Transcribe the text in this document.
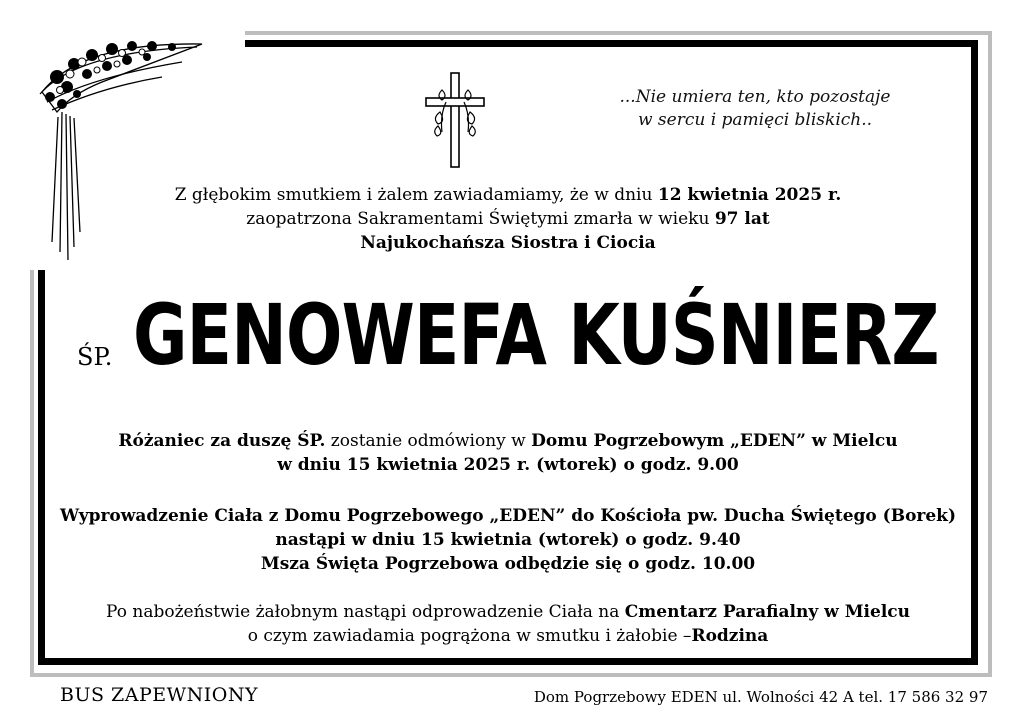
...Nie umiera ten, kto pozostaje
w sercu i pamięci bliskich..
Z głębokim smutkiem i żalem zawiadamiamy, że w dniu 12 kwietnia 2025 r.
zaopatrzona Sakramentami Świętymi zmarła w wieku 97 lat
Najukochańsza Siostra i Ciocia
ŚP. GENOWEFA KUŚNIERZ
Różaniec za duszę ŚP. zostanie odmówiony w Domu Pogrzebowym „EDEN” w Mielcu
w dniu 15 kwietnia 2025 r. (wtorek) o godz. 9.00
Wyprowadzenie Ciała z Domu Pogrzebowego „EDEN” do Kościoła pw. Ducha Świętego (Borek)
nastąpi w dniu 15 kwietnia (wtorek) o godz. 9.40
Msza Święta Pogrzebowa odbędzie się o godz. 10.00
Po nabożeństwie żałobnym nastąpi odprowadzenie Ciała na Cmentarz Parafialny w Mielcu
o czym zawiadamia pogrążona w smutku i żałobie –Rodzina
BUS ZAPEWNIONY	Dom Pogrzebowy EDEN ul. Wolności 42 A tel. 17 586 32 97
